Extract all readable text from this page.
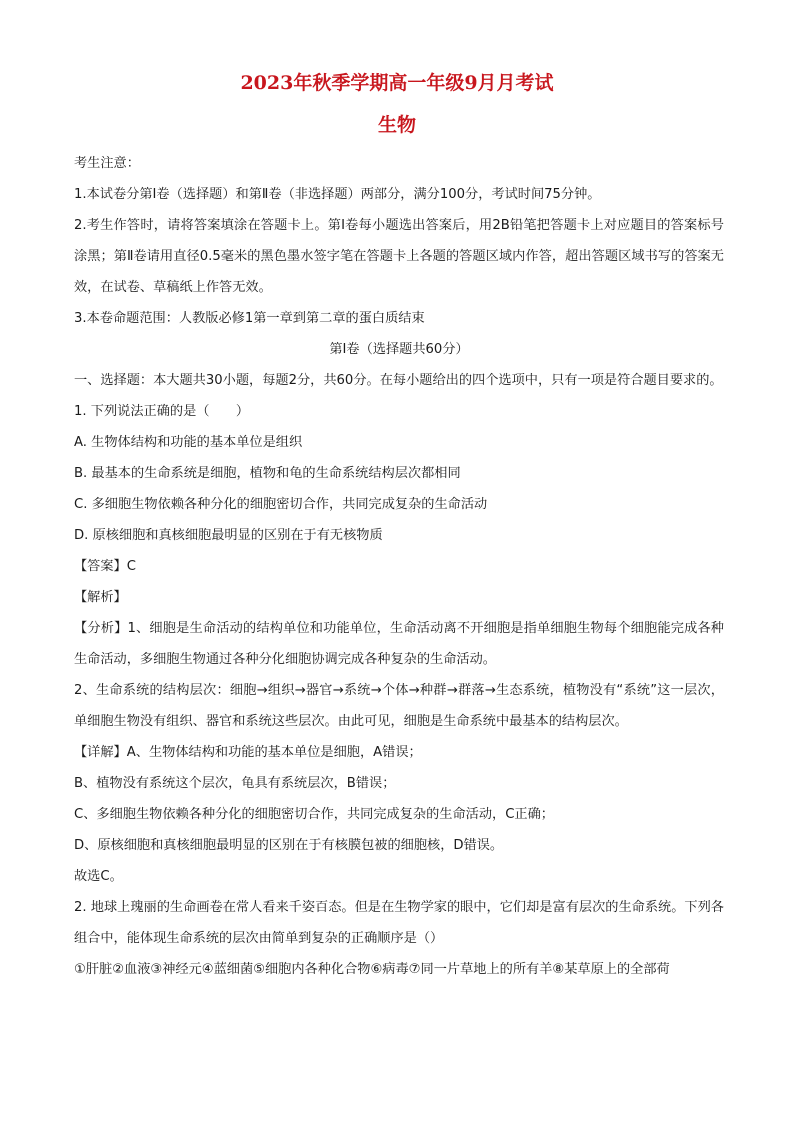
2023年秋季学期高一年级9月月考试
生物

考生注意：

1.本试卷分第Ⅰ卷（选择题）和第Ⅱ卷（非选择题）两部分，满分100分，考试时间75分钟。

2.考生作答时，请将答案填涂在答题卡上。第Ⅰ卷每小题选出答案后，用2B铅笔把答题卡上对应题目的答案标号涂黑；第Ⅱ卷请用直径0.5毫米的黑色墨水签字笔在答题卡上各题的答题区域内作答，超出答题区域书写的答案无效，在试卷、草稿纸上作答无效。

3.本卷命题范围：人教版必修1第一章到第二章的蛋白质结束

第Ⅰ卷（选择题共60分）

一、选择题：本大题共30小题，每题2分，共60分。在每小题给出的四个选项中，只有一项是符合题目要求的。

1. 下列说法正确的是（　　）

A. 生物体结构和功能的基本单位是组织

B. 最基本的生命系统是细胞，植物和龟的生命系统结构层次都相同

C. 多细胞生物依赖各种分化的细胞密切合作，共同完成复杂的生命活动

D. 原核细胞和真核细胞最明显的区别在于有无核物质

【答案】C

【解析】

【分析】1、细胞是生命活动的结构单位和功能单位，生命活动离不开细胞是指单细胞生物每个细胞能完成各种生命活动，多细胞生物通过各种分化细胞协调完成各种复杂的生命活动。

2、生命系统的结构层次：细胞→组织→器官→系统→个体→种群→群落→生态系统，植物没有“系统”这一层次，单细胞生物没有组织、器官和系统这些层次。由此可见，细胞是生命系统中最基本的结构层次。

【详解】A、生物体结构和功能的基本单位是细胞，A错误；

B、植物没有系统这个层次，龟具有系统层次，B错误；

C、多细胞生物依赖各种分化的细胞密切合作，共同完成复杂的生命活动，C正确；

D、原核细胞和真核细胞最明显的区别在于有核膜包被的细胞核，D错误。

故选C。

2. 地球上瑰丽的生命画卷在常人看来千姿百态。但是在生物学家的眼中，它们却是富有层次的生命系统。下列各组合中，能体现生命系统的层次由简单到复杂的正确顺序是（）

①肝脏②血液③神经元④蓝细菌⑤细胞内各种化合物⑥病毒⑦同一片草地上的所有羊⑧某草原上的全部荷
